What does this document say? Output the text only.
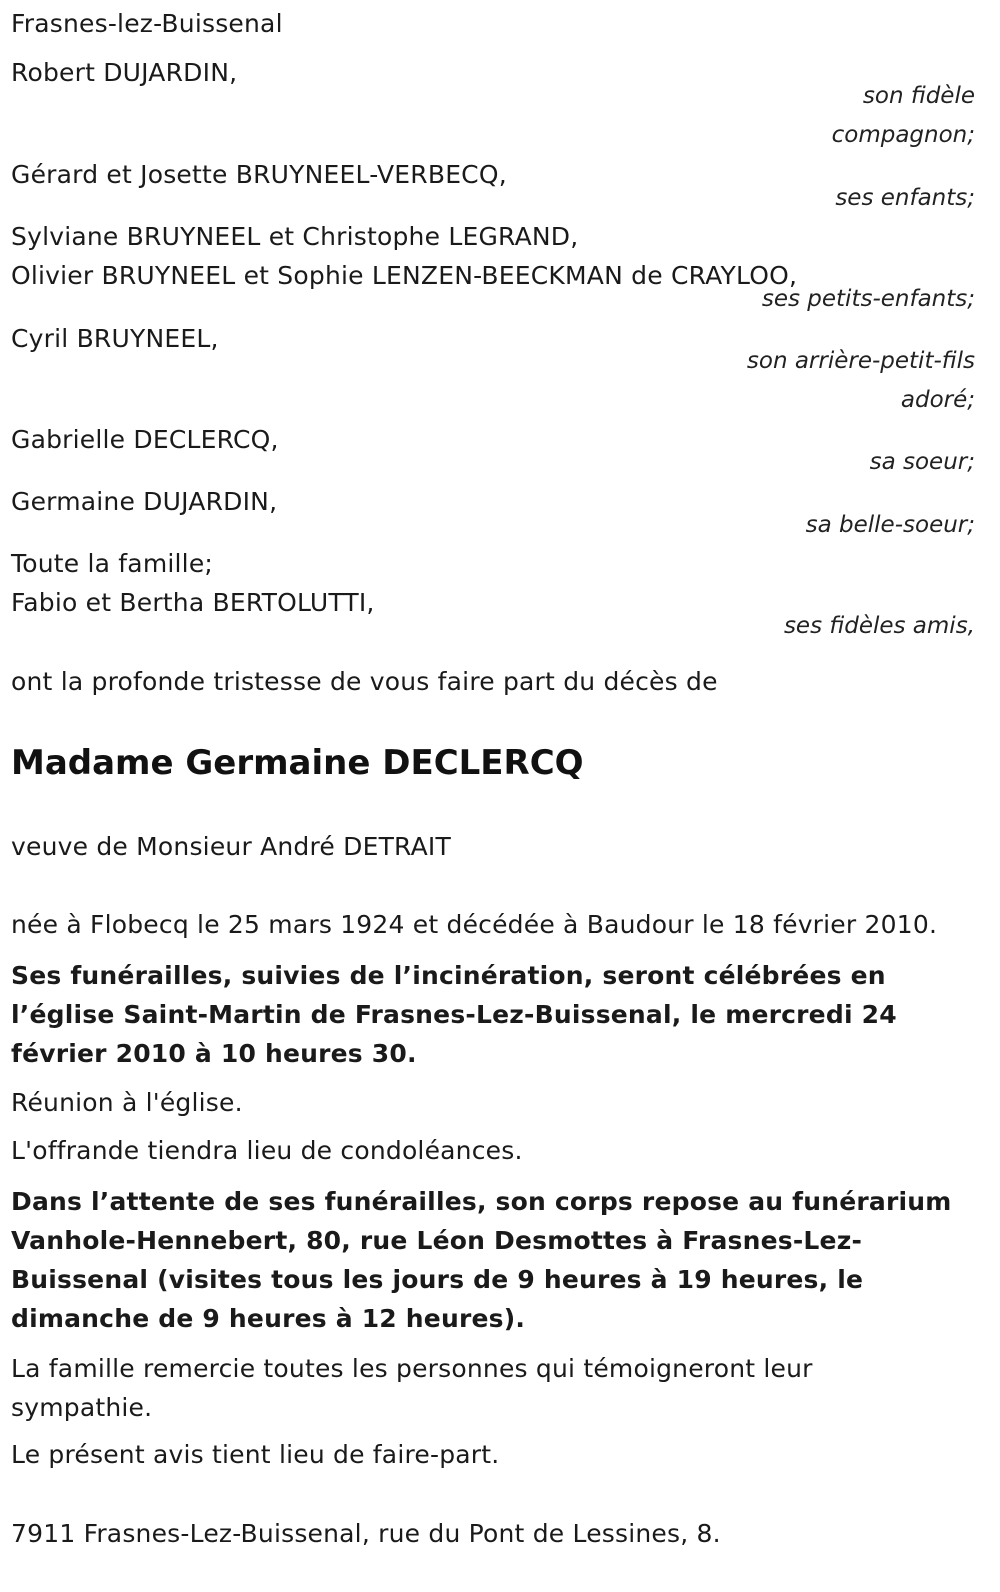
Frasnes-lez-Buissenal
Robert DUJARDIN,
son fidèle
compagnon;
Gérard et Josette BRUYNEEL-VERBECQ,
ses enfants;
Sylviane BRUYNEEL et Christophe LEGRAND,
Olivier BRUYNEEL et Sophie LENZEN-BEECKMAN de CRAYLOO,
ses petits-enfants;
Cyril BRUYNEEL,
son arrière-petit-fils
adoré;
Gabrielle DECLERCQ,
sa soeur;
Germaine DUJARDIN,
sa belle-soeur;
Toute la famille;
Fabio et Bertha BERTOLUTTI,
ses fidèles amis,
ont la profonde tristesse de vous faire part du décès de
Madame Germaine DECLERCQ
veuve de Monsieur André DETRAIT
née à Flobecq le 25 mars 1924 et décédée à Baudour le 18 février 2010.
Ses funérailles, suivies de l’incinération, seront célébrées en l’église Saint-Martin de Frasnes-Lez-Buissenal, le mercredi 24 février 2010 à 10 heures 30.
Réunion à l'église.
L'offrande tiendra lieu de condoléances.
Dans l’attente de ses funérailles, son corps repose au funérarium Vanhole-Hennebert, 80, rue Léon Desmottes à Frasnes-Lez-Buissenal (visites tous les jours de 9 heures à 19 heures, le dimanche de 9 heures à 12 heures).
La famille remercie toutes les personnes qui témoigneront leur sympathie.
Le présent avis tient lieu de faire-part.
7911 Frasnes-Lez-Buissenal, rue du Pont de Lessines, 8.
